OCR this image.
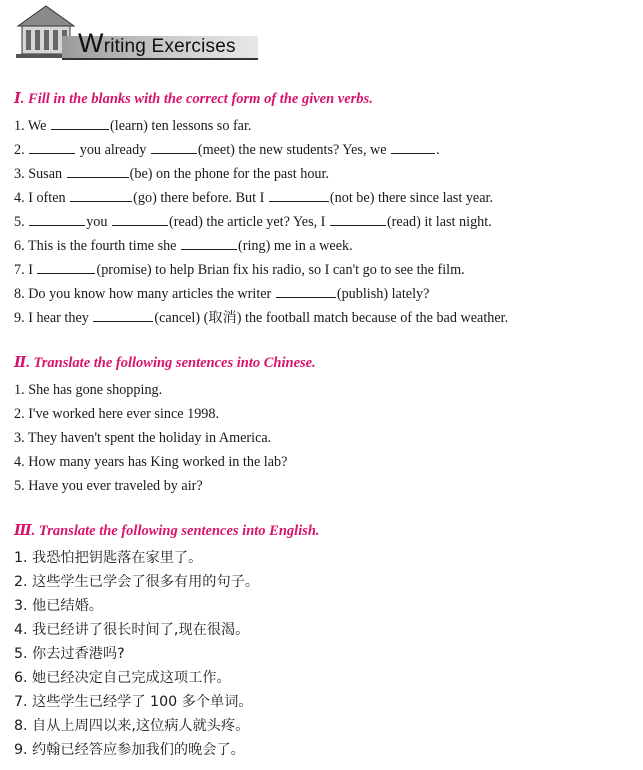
Writing Exercises
Ⅰ. Fill in the blanks with the correct form of the given verbs.
1. We	(learn) ten lessons so far.
2.	you already	(meet) the new students? Yes, we	.
3. Susan	(be) on the phone for the past hour.
4. I often	(go) there before. But I	(not be) there since last year.
5.	you	(read) the article yet? Yes, I	(read) it last night.
6. This is the fourth time she	(ring) me in a week.
7. I	(promise) to help Brian fix his radio, so I can't go to see the film.
8. Do you know how many articles the writer	(publish) lately?
9. I hear they	(cancel) (取消) the football match because of the bad weather.
Ⅱ. Translate the following sentences into Chinese.
1. She has gone shopping.
2. I've worked here ever since 1998.
3. They haven't spent the holiday in America.
4. How many years has King worked in the lab?
5. Have you ever traveled by air?
Ⅲ. Translate the following sentences into English.
1. 我恐怕把钥匙落在家里了。
2. 这些学生已学会了很多有用的句子。
3. 他已结婚。
4. 我已经讲了很长时间了,现在很渴。
5. 你去过香港吗?
6. 她已经决定自己完成这项工作。
7. 这些学生已经学了 100 多个单词。
8. 自从上周四以来,这位病人就头疼。
9. 约翰已经答应参加我们的晚会了。
